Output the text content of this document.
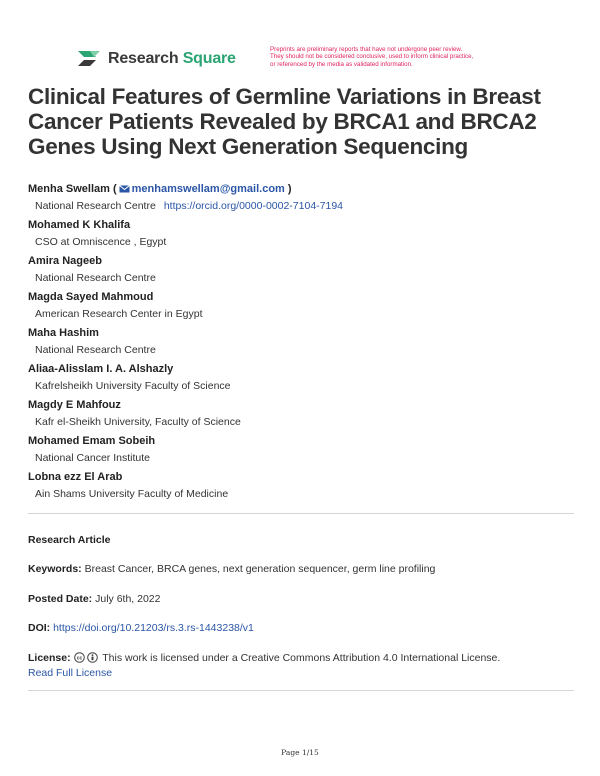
Research Square

Preprints are preliminary reports that have not undergone peer review.
They should not be considered conclusive, used to inform clinical practice,
or referenced by the media as validated information.

Clinical Features of Germline Variations in Breast
Cancer Patients Revealed by BRCA1 and BRCA2
Genes Using Next Generation Sequencing
Menha Swellam ( menhamswellam@gmail.com )
National Research Centre https://orcid.org/0000-0002-7104-7194
Mohamed K Khalifa
CSO at Omniscence , Egypt
Amira Nageeb
National Research Centre
Magda Sayed Mahmoud
American Research Center in Egypt
Maha Hashim
National Research Centre
Aliaa-Alisslam I. A. Alshazly
Kafrelsheikh University Faculty of Science
Magdy E Mahfouz
Kafr el-Sheikh University, Faculty of Science
Mohamed Emam Sobeih
National Cancer Institute
Lobna ezz El Arab
Ain Shams University Faculty of Medicine
Research Article
Keywords: Breast Cancer, BRCA genes, next generation sequencer, germ line profiling
Posted Date: July 6th, 2022
DOI: https://doi.org/10.21203/rs.3.rs-1443238/v1
License: cc This work is licensed under a Creative Commons Attribution 4.0 International License.
Read Full License
Page 1/15
